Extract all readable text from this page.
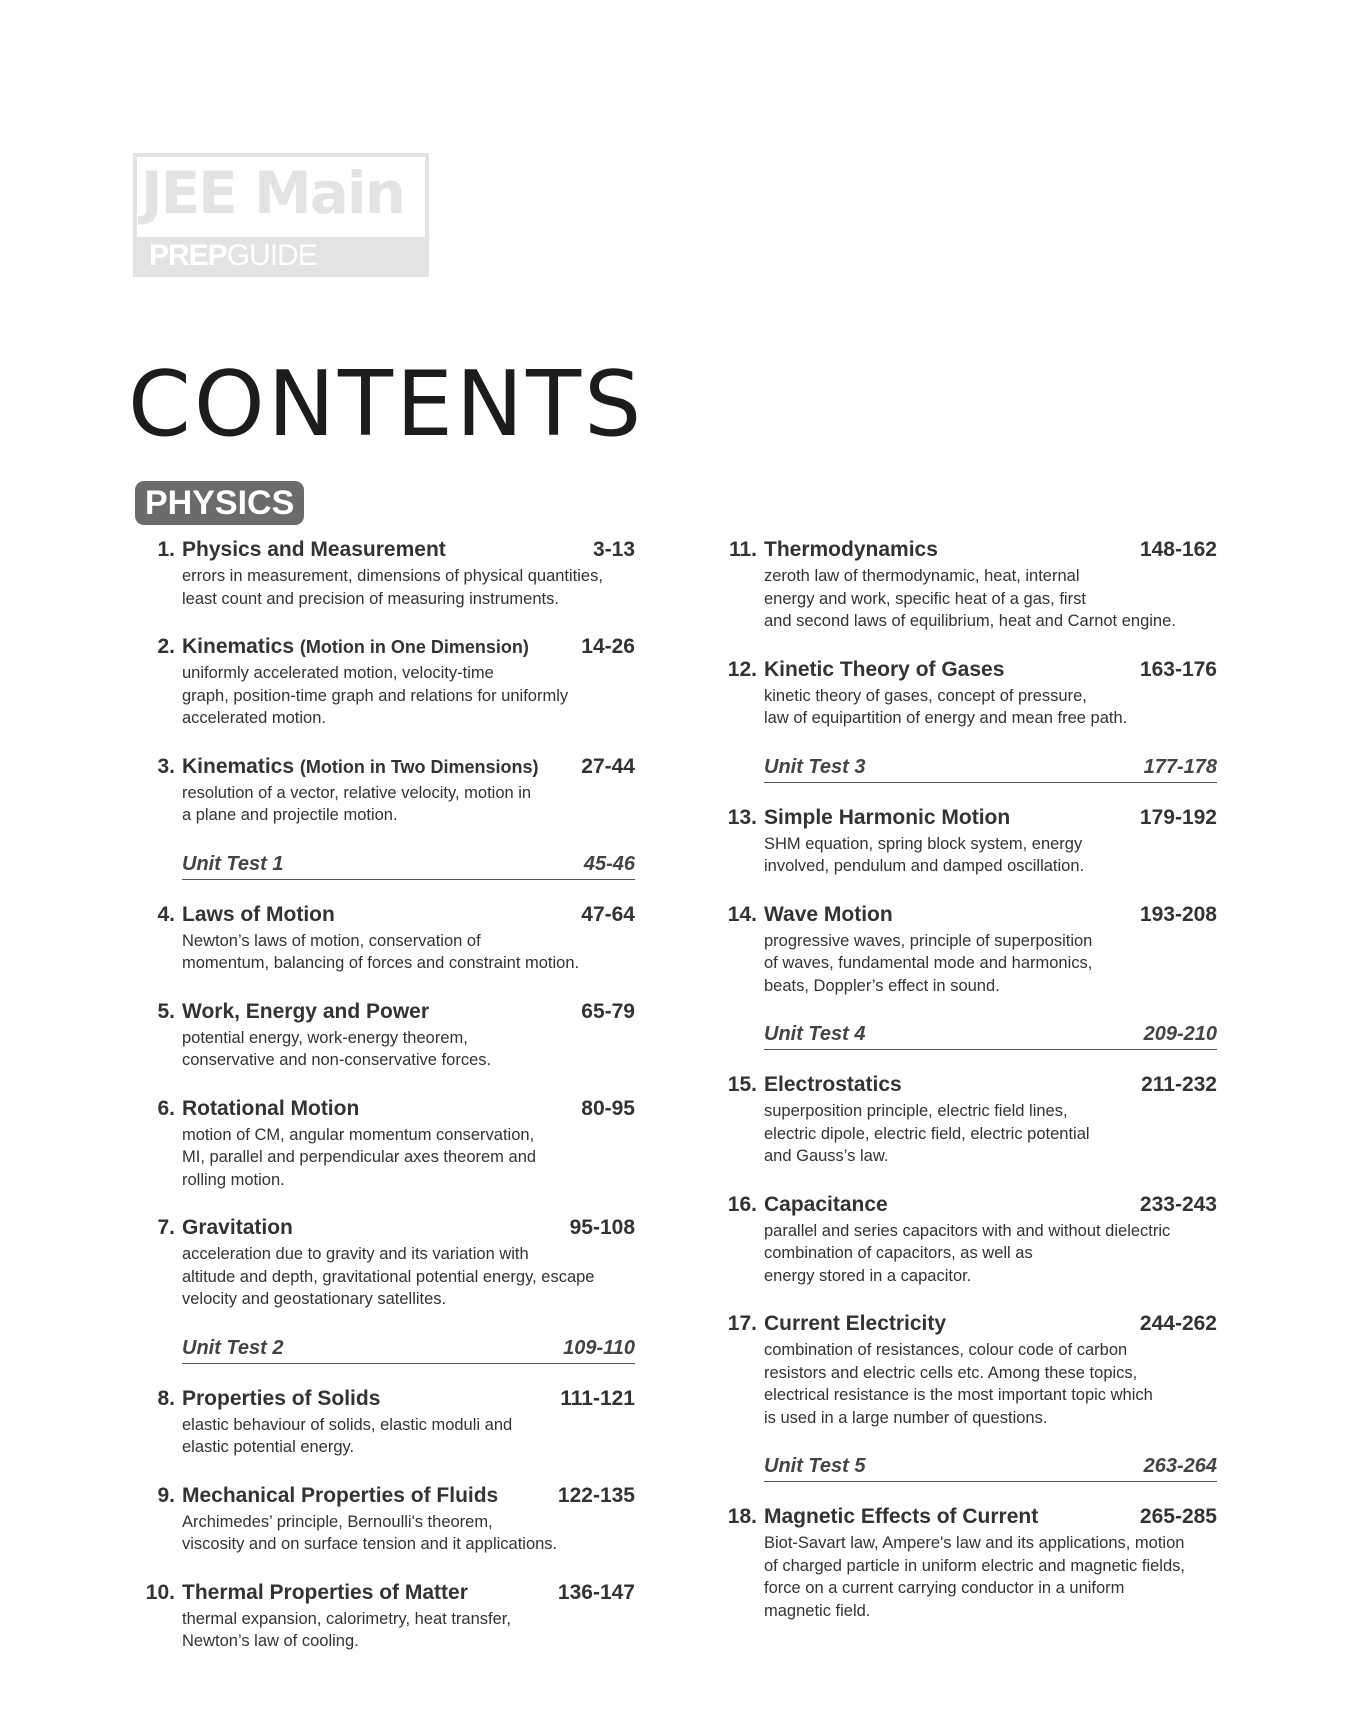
JEE Main
PREPGUIDE
CONTENTS
PHYSICS
1. Physics and Measurement	3-13
errors in measurement, dimensions of physical quantities,
least count and precision of measuring instruments.
2. Kinematics (Motion in One Dimension)	14-26
uniformly accelerated motion, velocity-time
graph, position-time graph and relations for uniformly
accelerated motion.
3. Kinematics (Motion in Two Dimensions)	27-44
resolution of a vector, relative velocity, motion in
a plane and projectile motion.
Unit Test 1	45-46
4. Laws of Motion	47-64
Newton’s laws of motion, conservation of
momentum, balancing of forces and constraint motion.
5. Work, Energy and Power	65-79
potential energy, work-energy theorem,
conservative and non-conservative forces.
6. Rotational Motion	80-95
motion of CM, angular momentum conservation,
MI, parallel and perpendicular axes theorem and
rolling motion.
7. Gravitation	95-108
acceleration due to gravity and its variation with
altitude and depth, gravitational potential energy, escape
velocity and geostationary satellites.
Unit Test 2	109-110
8. Properties of Solids	111-121
elastic behaviour of solids, elastic moduli and
elastic potential energy.
9. Mechanical Properties of Fluids	122-135
Archimedes’ principle, Bernoulli's theorem,
viscosity and on surface tension and it applications.
10. Thermal Properties of Matter	136-147
thermal expansion, calorimetry, heat transfer,
Newton’s law of cooling.
11. Thermodynamics	148-162
zeroth law of thermodynamic, heat, internal
energy and work, specific heat of a gas, first
and second laws of equilibrium, heat and Carnot engine.
12. Kinetic Theory of Gases	163-176
kinetic theory of gases, concept of pressure,
law of equipartition of energy and mean free path.
Unit Test 3	177-178
13. Simple Harmonic Motion	179-192
SHM equation, spring block system, energy
involved, pendulum and damped oscillation.
14. Wave Motion	193-208
progressive waves, principle of superposition
of waves, fundamental mode and harmonics,
beats, Doppler’s effect in sound.
Unit Test 4	209-210
15. Electrostatics	211-232
superposition principle, electric field lines,
electric dipole, electric field, electric potential
and Gauss’s law.
16. Capacitance	233-243
parallel and series capacitors with and without dielectric
combination of capacitors, as well as
energy stored in a capacitor.
17. Current Electricity	244-262
combination of resistances, colour code of carbon
resistors and electric cells etc. Among these topics,
electrical resistance is the most important topic which
is used in a large number of questions.
Unit Test 5	263-264
18. Magnetic Effects of Current	265-285
Biot-Savart law, Ampere's law and its applications, motion
of charged particle in uniform electric and magnetic fields,
force on a current carrying conductor in a uniform
magnetic field.
